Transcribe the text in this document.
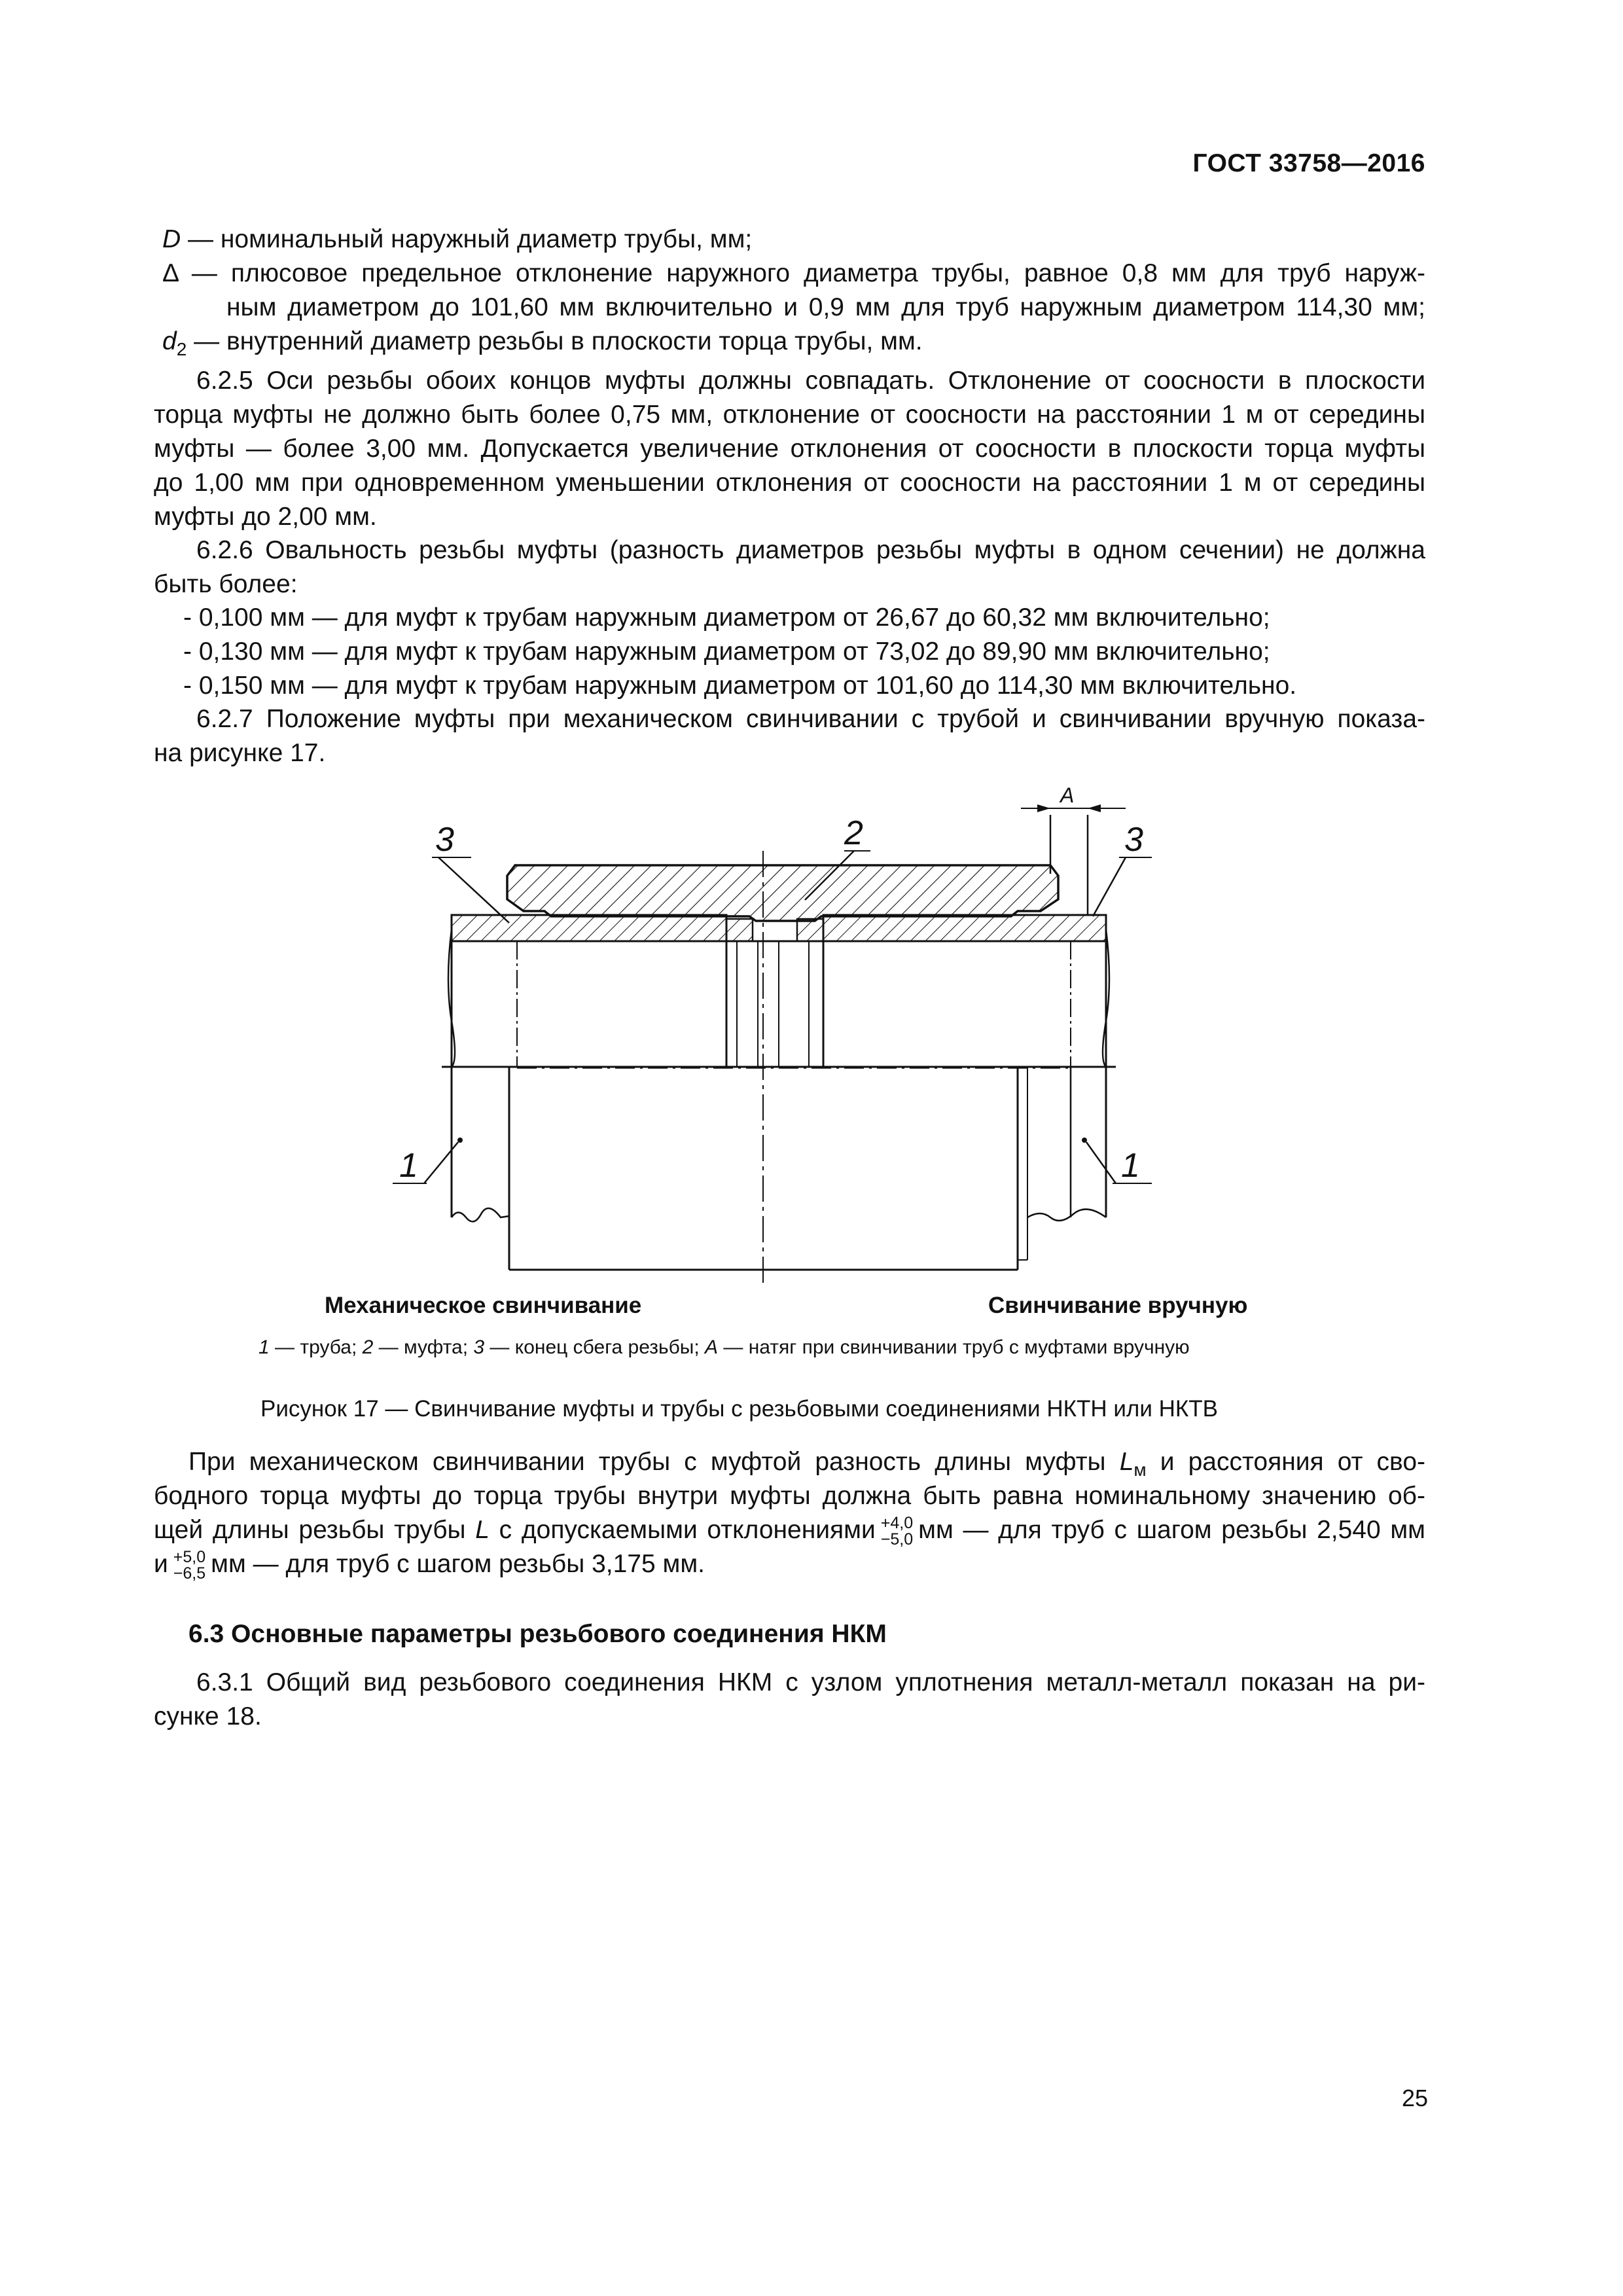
ГОСТ 33758—2016
D — номинальный наружный диаметр трубы, мм;
Δ — плюсовое предельное отклонение наружного диаметра трубы, равное 0,8 мм для труб наруж-
ным диаметром до 101,60 мм включительно и 0,9 мм для труб наружным диаметром 114,30 мм;
$d_2$ — внутренний диаметр резьбы в плоскости торца трубы, мм.
6.2.5 Оси резьбы обоих концов муфты должны совпадать. Отклонение от соосности в плоскости
торца муфты не должно быть более 0,75 мм, отклонение от соосности на расстоянии 1 м от середины
муфты — более 3,00 мм. Допускается увеличение отклонения от соосности в плоскости торца муфты
до 1,00 мм при одновременном уменьшении отклонения от соосности на расстоянии 1 м от середины
муфты до 2,00 мм.
6.2.6 Овальность резьбы муфты (разность диаметров резьбы муфты в одном сечении) не должна
быть более:
- 0,100 мм — для муфт к трубам наружным диаметром от 26,67 до 60,32 мм включительно;
- 0,130 мм — для муфт к трубам наружным диаметром от 73,02 до 89,90 мм включительно;
- 0,150 мм — для муфт к трубам наружным диаметром от 101,60 до 114,30 мм включительно.
6.2.7 Положение муфты при механическом свинчивании с трубой и свинчивании вручную показа-
на рисунке 17.
A
3	2	3
1	1
Механическое свинчивание	Свинчивание вручную
1 — труба; 2 — муфта; 3 — конец сбега резьбы; A — натяг при свинчивании труб с муфтами вручную
Рисунок 17 — Свинчивание муфты и трубы с резьбовыми соединениями НКТН или НКТВ
При механическом свинчивании трубы с муфтой разность длины муфты $L_м$ и расстояния от сво-
бодного торца муфты до торца трубы внутри муфты должна быть равна номинальному значению об-
щей длины резьбы трубы L с допускаемыми отклонениями +4,0
−5,0 мм — для труб с шагом резьбы 2,540 мм
и +5,0
−6,5 мм — для труб с шагом резьбы 3,175 мм.
6.3 Основные параметры резьбового соединения НКМ
6.3.1 Общий вид резьбового соединения НКМ с узлом уплотнения металл-металл показан на ри-
сунке 18.
25
